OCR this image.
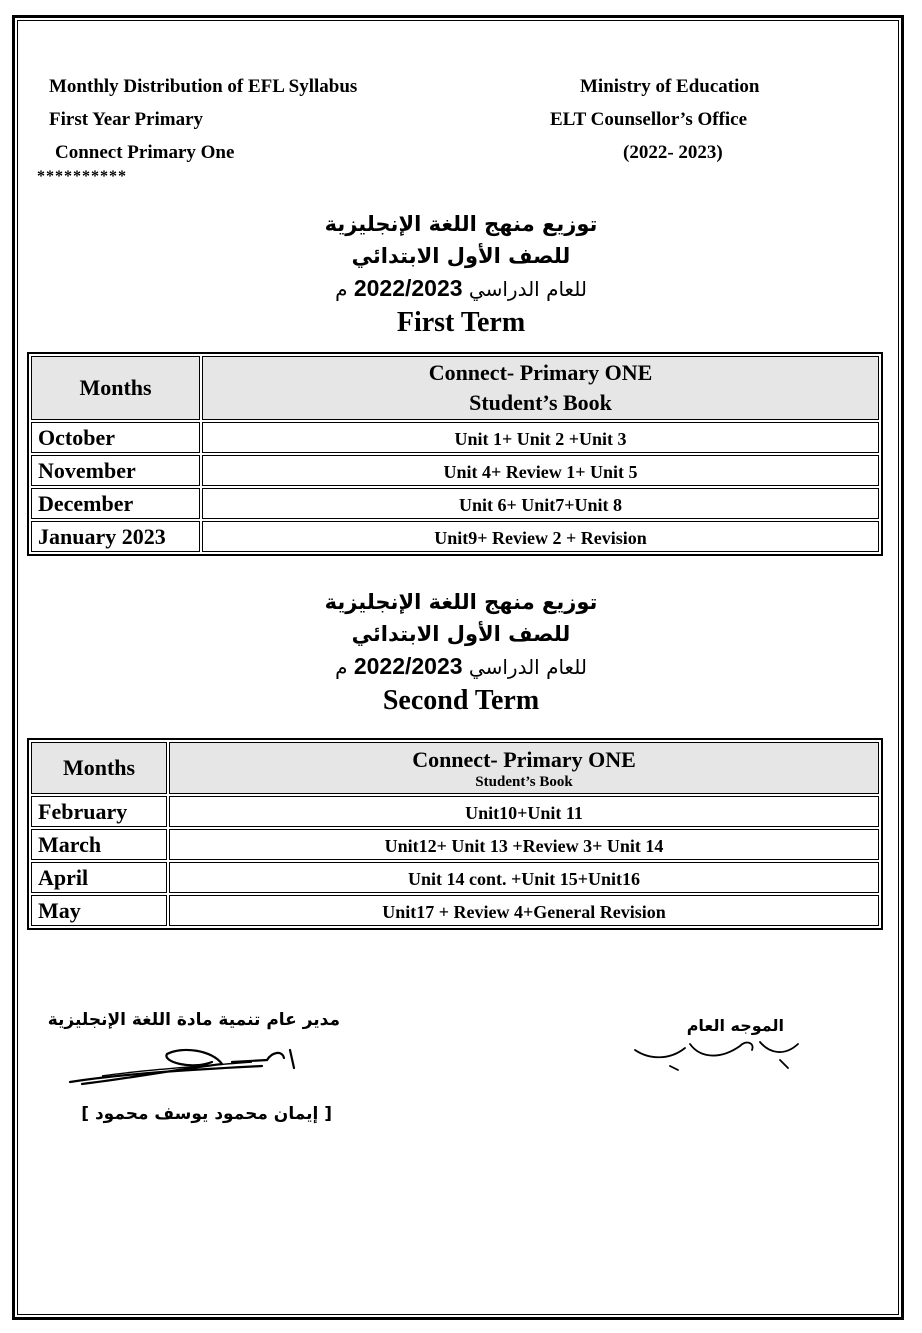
Monthly Distribution of EFL Syllabus
First Year Primary
Connect Primary One
Ministry of Education
ELT Counsellor’s Office
(2022- 2023)
**********
توزيع منهج اللغة الإنجليزية
للصف الأول الابتدائي
للعام الدراسي 2022/2023 م
First Term
Months	Connect- Primary ONE
Student’s Book

October	Unit 1+ Unit 2 +Unit 3
November	Unit 4+ Review 1+ Unit 5
December	Unit 6+ Unit7+Unit 8
January 2023	Unit9+ Review 2 + Revision
توزيع منهج اللغة الإنجليزية
للصف الأول الابتدائي
للعام الدراسي 2022/2023 م
Second Term
Months	Connect- Primary ONE
Student’s Book

February	Unit10+Unit 11
March	Unit12+ Unit 13 +Review 3+ Unit 14
April	Unit 14 cont. +Unit 15+Unit16
May	Unit17 + Review 4+General Revision
مدير عام تنمية مادة اللغة الإنجليزية
[ إيمان محمود يوسف محمود ]
الموجه العام
